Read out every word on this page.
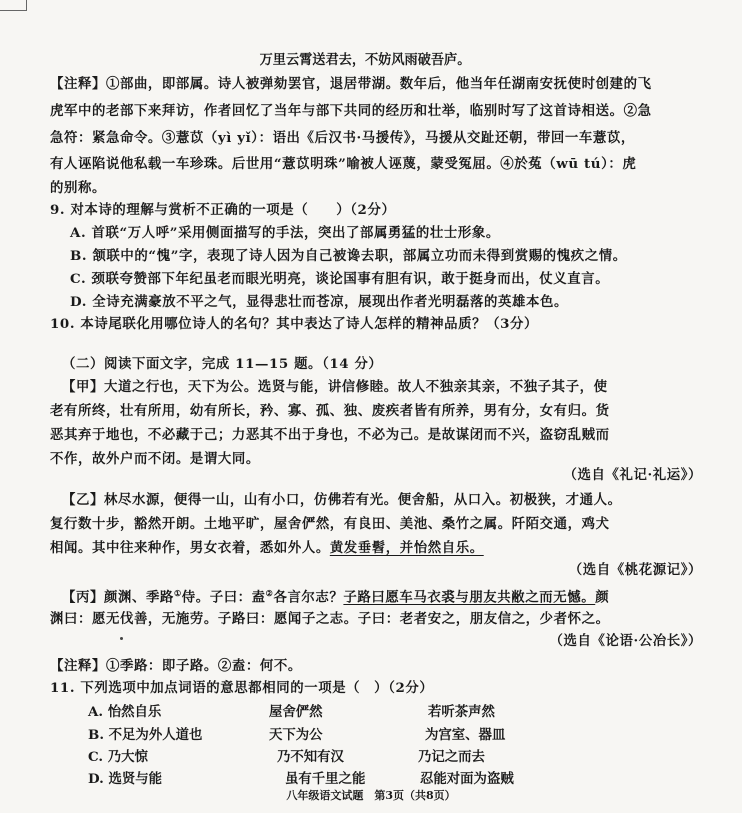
万里云霄送君去，不妨风雨破吾庐。
【注释】①部曲，即部属。诗人被弹劾罢官，退居带湖。数年后，他当年任湖南安抚使时创建的飞
虎军中的老部下来拜访，作者回忆了当年与部下共同的经历和壮举，临别时写了这首诗相送。②急
急符：紧急命令。③薏苡（yì yǐ）：语出《后汉书·马援传》，马援从交趾还朝，带回一车薏苡，
有人诬陷说他私载一车珍珠。后世用“薏苡明珠”喻被人诬蔑，蒙受冤屈。④於菟（wū tú）：虎
的别称。
9. 对本诗的理解与赏析不正确的一项是（　　）（2分）
A. 首联“万人呼”采用侧面描写的手法，突出了部属勇猛的壮士形象。
B. 颔联中的“愧”字，表现了诗人因为自己被谗去职，部属立功而未得到赏赐的愧疚之情。
C. 颈联夸赞部下年纪虽老而眼光明亮，谈论国事有胆有识，敢于挺身而出，仗义直言。
D. 全诗充满豪放不平之气，显得悲壮而苍凉，展现出作者光明磊落的英雄本色。
10. 本诗尾联化用哪位诗人的名句？其中表达了诗人怎样的精神品质？（3分）
（二）阅读下面文字，完成 11—15 题。（14 分）
【甲】大道之行也，天下为公。选贤与能，讲信修睦。故人不独亲其亲，不独子其子，使
老有所终，壮有所用，幼有所长，矜、寡、孤、独、废疾者皆有所养，男有分，女有归。货
恶其弃于地也，不必藏于己；力恶其不出于身也，不必为己。是故谋闭而不兴，盗窃乱贼而
不作，故外户而不闭。是谓大同。
（选自《礼记·礼运》）
【乙】林尽水源，便得一山，山有小口，仿佛若有光。便舍船，从口入。初极狭，才通人。
复行数十步，豁然开朗。土地平旷，屋舍俨然，有良田、美池、桑竹之属。阡陌交通，鸡犬
相闻。其中往来种作，男女衣着，悉如外人。黄发垂髫，并怡然自乐。
（选自《桃花源记》）
【丙】颜渊、季路①侍。子曰：盍②各言尔志？子路曰愿车马衣裘与朋友共敝之而无憾。颜
渊曰：愿无伐善，无施劳。子路曰：愿闻子之志。子曰：老者安之，朋友信之，少者怀之。
（选自《论语·公冶长》）
【注释】①季路：即子路。②盍：何不。
11. 下列选项中加点词语的意思都相同的一项是（　）（2分）
A. 怡然自乐	屋舍俨然	若听茶声然
B. 不足为外人道也	天下为公	为宫室、器皿
C. 乃大惊	乃不知有汉	乃记之而去
D. 选贤与能	虽有千里之能	忍能对面为盗贼
八年级语文试题　第3页（共8页）
